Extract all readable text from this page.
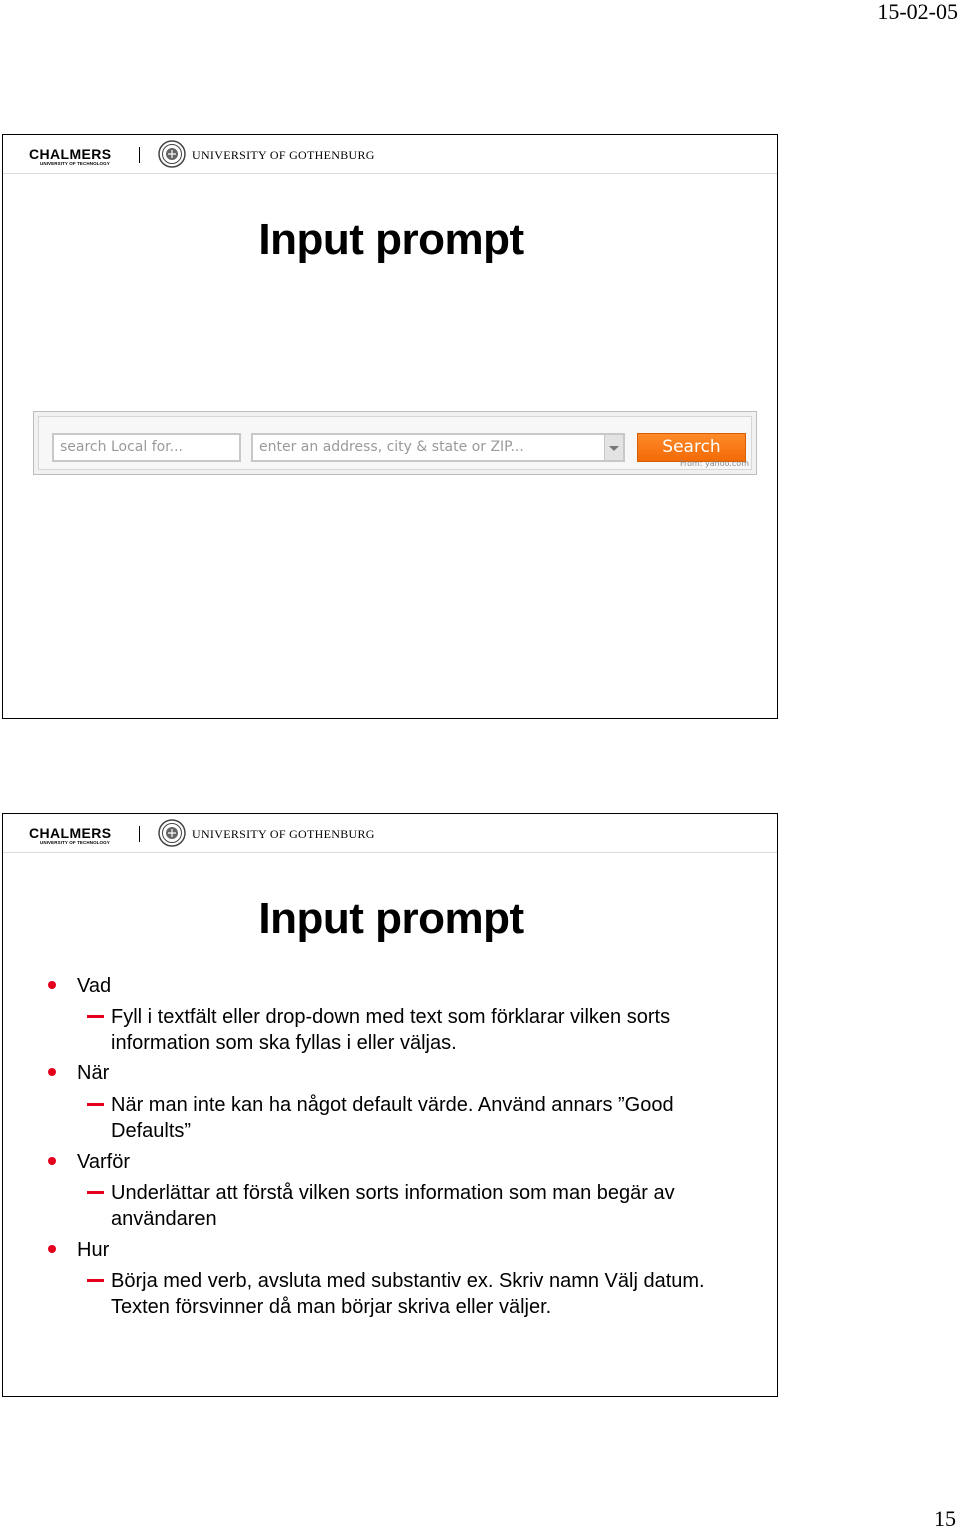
15-02-05
CHALMERS
UNIVERSITY OF TECHNOLOGY
UNIVERSITY OF GOTHENBURG
Input prompt
search Local for...	enter an address, city & state or ZIP...	Search
From: yahoo.com
CHALMERS
UNIVERSITY OF TECHNOLOGY
UNIVERSITY OF GOTHENBURG
Input prompt
Vad
Fyll i textfält eller drop-down med text som förklarar vilken sorts information som ska fyllas i eller väljas.
När
När man inte kan ha något default värde. Använd annars ”Good Defaults”
Varför
Underlättar att förstå vilken sorts information som man begär av användaren
Hur
Börja med verb, avsluta med substantiv ex. Skriv namn Välj datum. Texten försvinner då man börjar skriva eller väljer.
15
